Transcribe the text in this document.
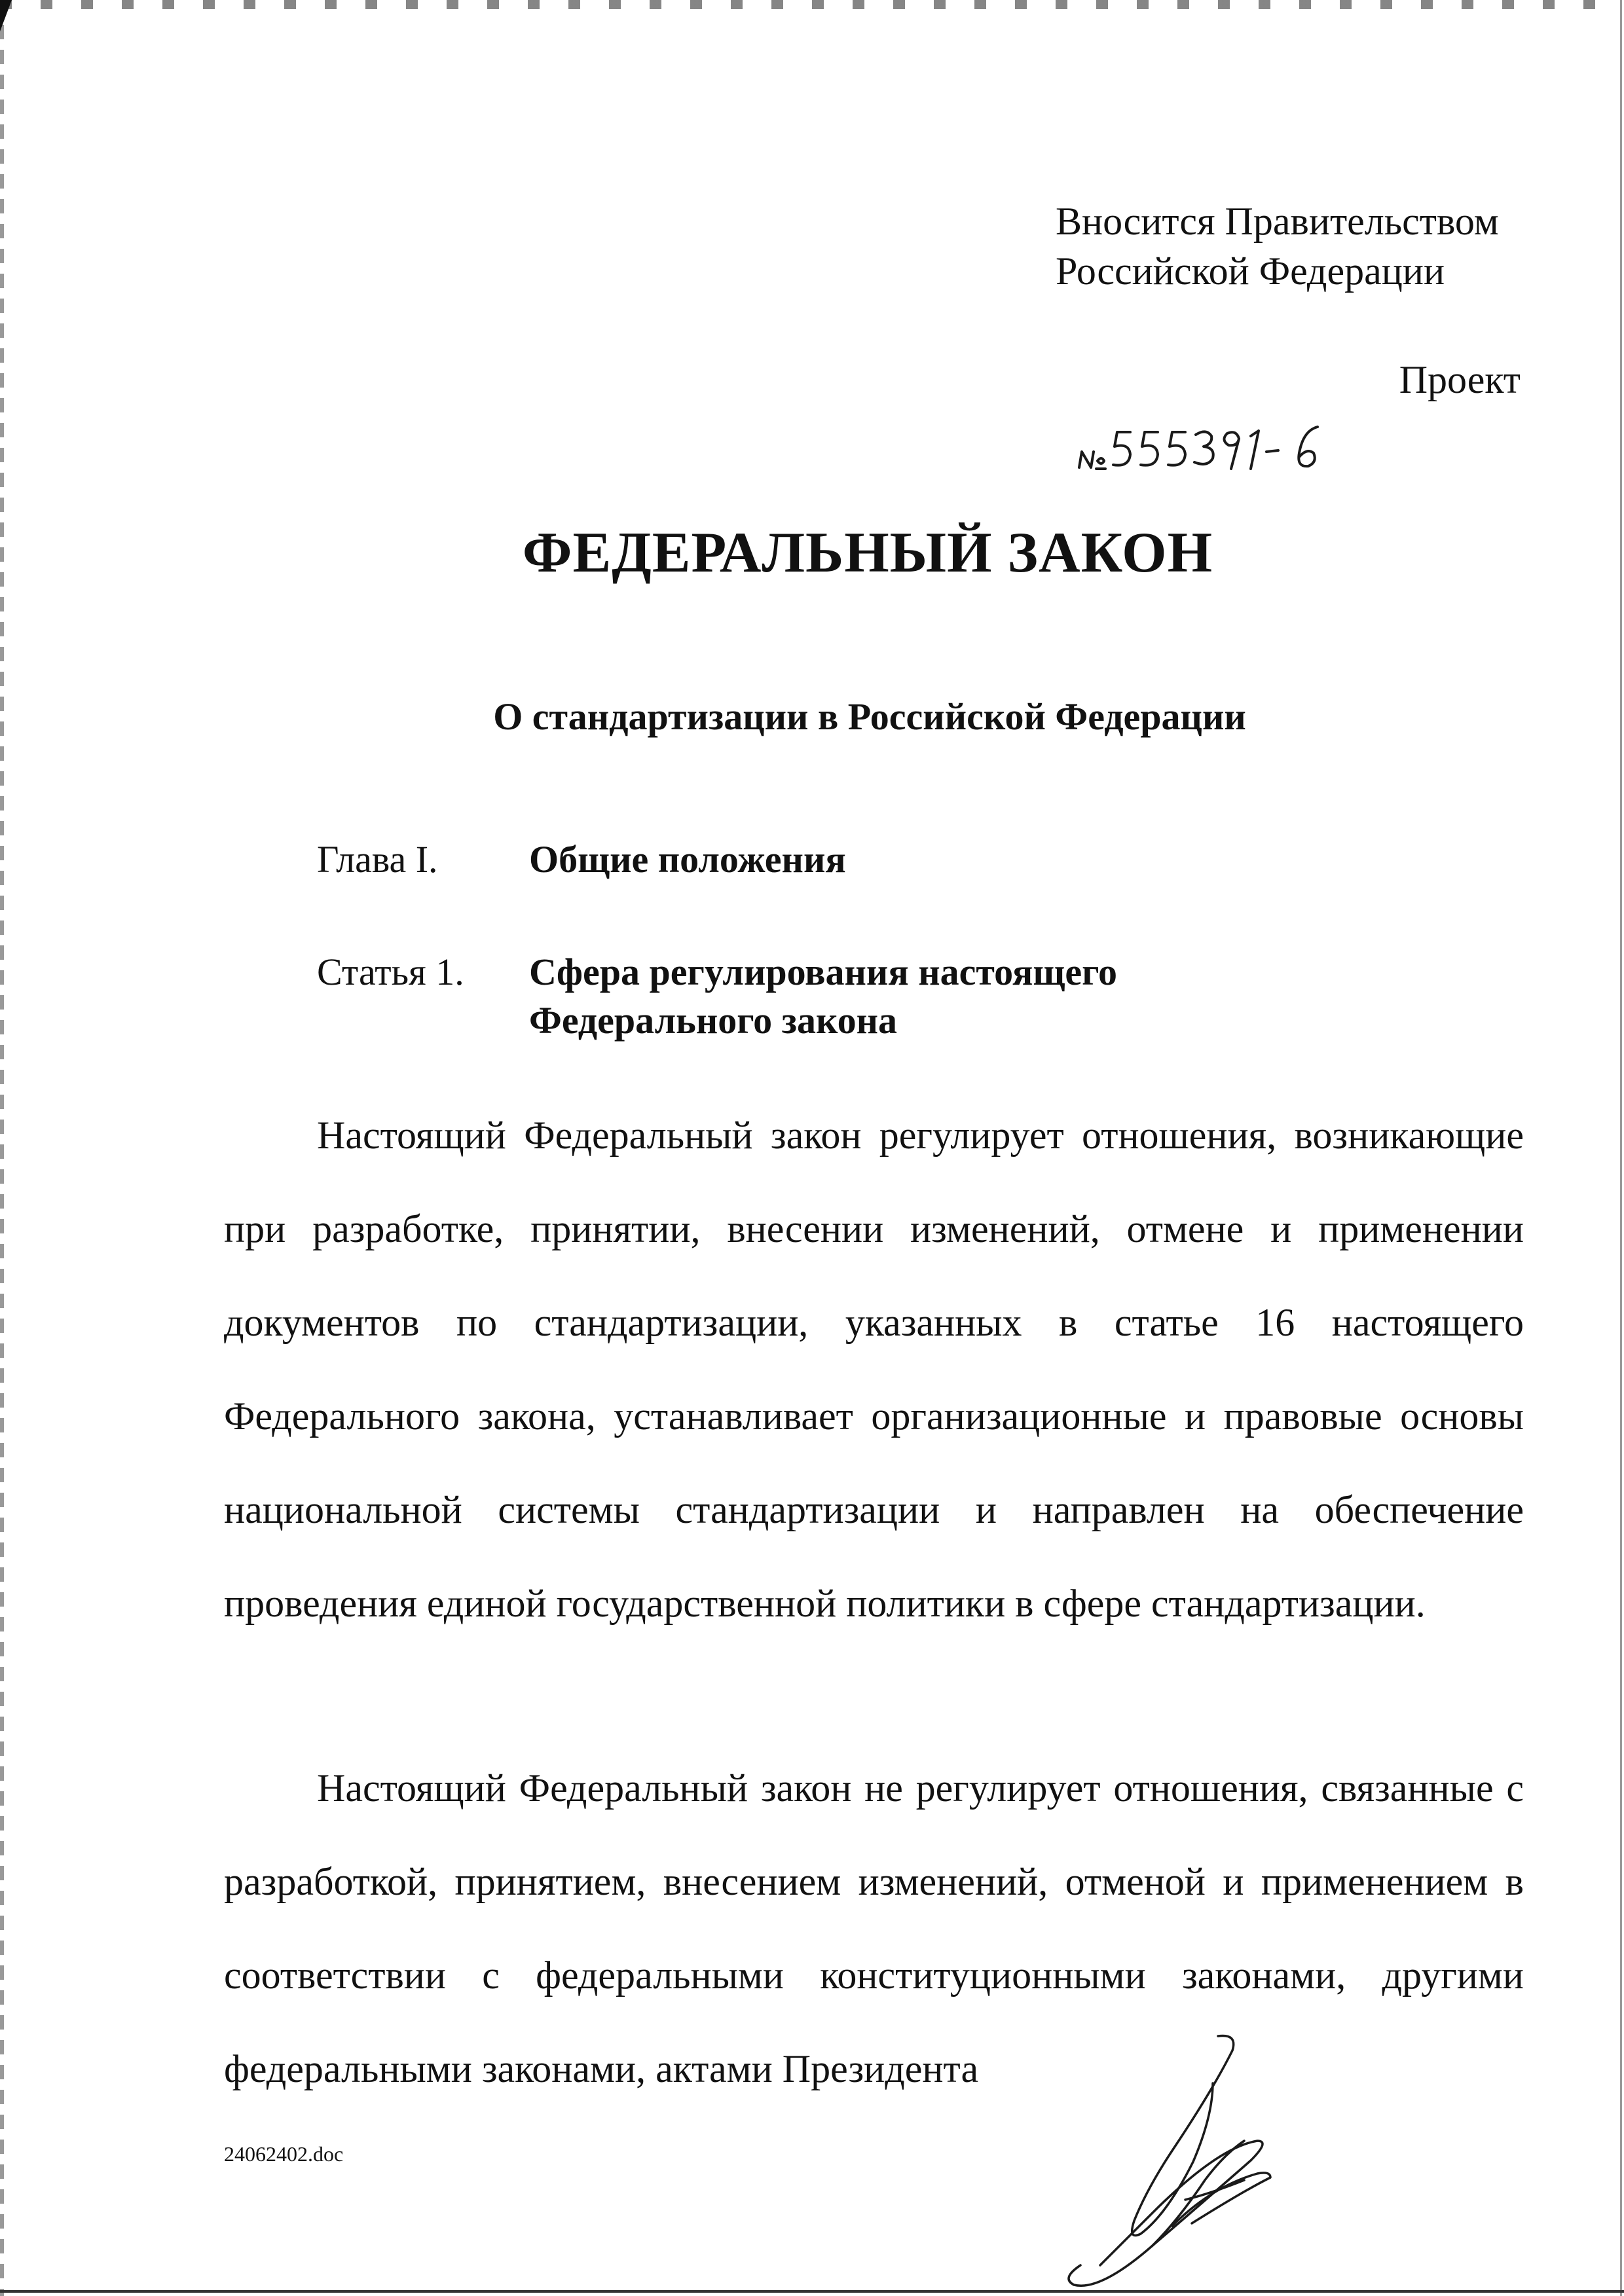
Вносится Правительством
Российской Федерации
Проект
ФЕДЕРАЛЬНЫЙ ЗАКОН
О стандартизации в Российской Федерации
Глава I. Общие положения
Статья 1. Сфера регулирования настоящего
Федерального закона

Настоящий Федеральный закон регулирует отношения, возникающие при разработке, принятии, внесении изменений, отмене и применении документов по стандартизации, указанных в статье 16 настоящего Федерального закона, устанавливает организационные и правовые основы национальной системы стандартизации и направлен на обеспечение проведения единой государственной политики в сфере стандартизации.

Настоящий Федеральный закон не регулирует отношения, связанные с разработкой, принятием, внесением изменений, отменой и применением в соответствии с федеральными конституционными законами, другими федеральными законами, актами Президента

24062402.doc
